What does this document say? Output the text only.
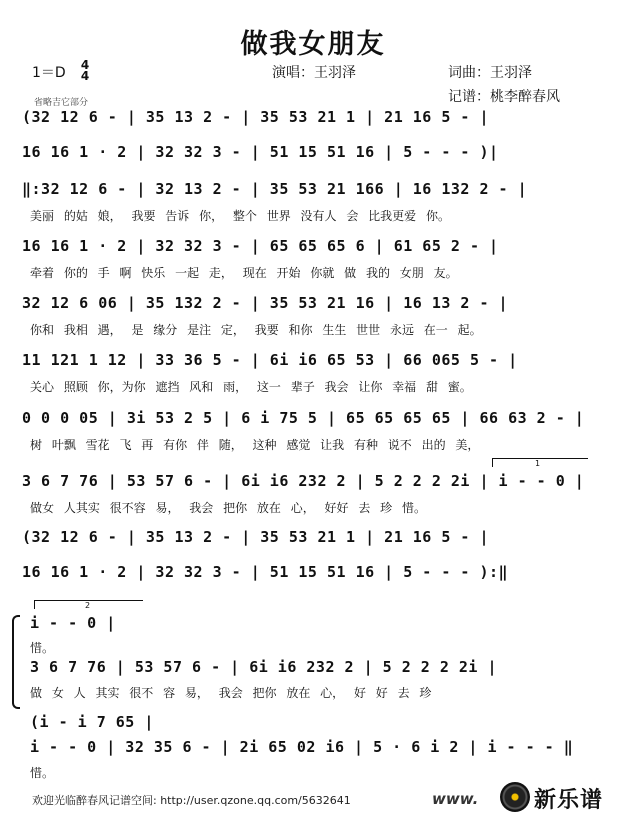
做我女朋友
1＝D 4
4	演唱：王羽泽	词曲：王羽泽
记谱：桃李醉春风
省略吉它部分
(32 12 6 - | 35 13 2 - | 35 53 21 1 | 21 16 5 - |
16 16 1 · 2 | 32 32 3 - | 51 15 51 16 | 5 - - - )|
‖:32 12 6 - | 32 13 2 - | 35 53 21 166 | 16 132 2 - |
美丽 的姑 娘， 我要 告诉 你， 整个 世界 没有人 会 比我更爱 你。
16 16 1 · 2 | 32 32 3 - | 65 65 65 6 | 61 65 2 - |
牵着 你的 手 啊 快乐 一起 走， 现在 开始 你就 做 我的 女朋 友。
32 12 6 06 | 35 132 2 - | 35 53 21 16 | 16 13 2 - |
你和 我相 遇， 是 缘分 是注 定， 我要 和你 生生 世世 永远 在一 起。
11 121 1 12 | 33 36 5 - | 6i i6 65 53 | 66 065 5 - |
关心 照顾 你，为你 遮挡 风和 雨， 这一 辈子 我会 让你 幸福 甜 蜜。
0 0 0 05 | 3i 53 2 5 | 6 i 75 5 | 65 65 65 65 | 66 63 2 - |
树 叶飘 雪花 飞 再 有你 伴 随， 这种 感觉 让我 有种 说不 出的 美，
1
3 6 7 76 | 53 57 6 - | 6i i6 232 2 | 5 2 2 2 2i | i - - 0 |
做女 人其实 很不容 易， 我会 把你 放在 心， 好好 去 珍 惜。
(32 12 6 - | 35 13 2 - | 35 53 21 1 | 21 16 5 - |
16 16 1 · 2 | 32 32 3 - | 51 15 51 16 | 5 - - - ):‖
2
i - - 0 |
惜。
3 6 7 76 | 53 57 6 - | 6i i6 232 2 | 5 2 2 2 2i |
做 女 人 其实 很不 容 易， 我会 把你 放在 心， 好 好 去 珍
(i - i 7 65 |
i - - 0 | 32 35 6 - | 2i 65 02 i6 | 5 · 6 i 2 | i - - - ‖
惜。
欢迎光临醉春风记谱空间: http://user.qzone.qq.com/5632641	www.	新乐谱
